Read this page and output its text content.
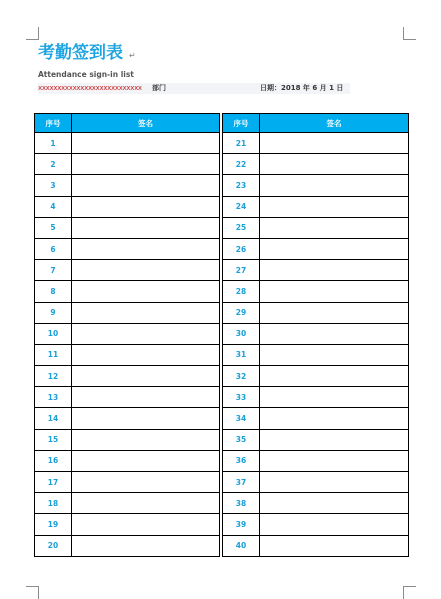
考勤签到表 ↵
Attendance sign-in list
xxxxxxxxxxxxxxxxxxxxxxxxxxx 部门	日期：2018 年 6 月 1 日
序号	签名
1	
2	
3	
4	
5	
6	
7	
8	
9	
10	
11	
12	
13	
14	
15	
16	
17	
18	
19	
20	
序号	签名
21	
22	
23	
24	
25	
26	
27	
28	
29	
30	
31	
32	
33	
34	
35	
36	
37	
38	
39	
40	
